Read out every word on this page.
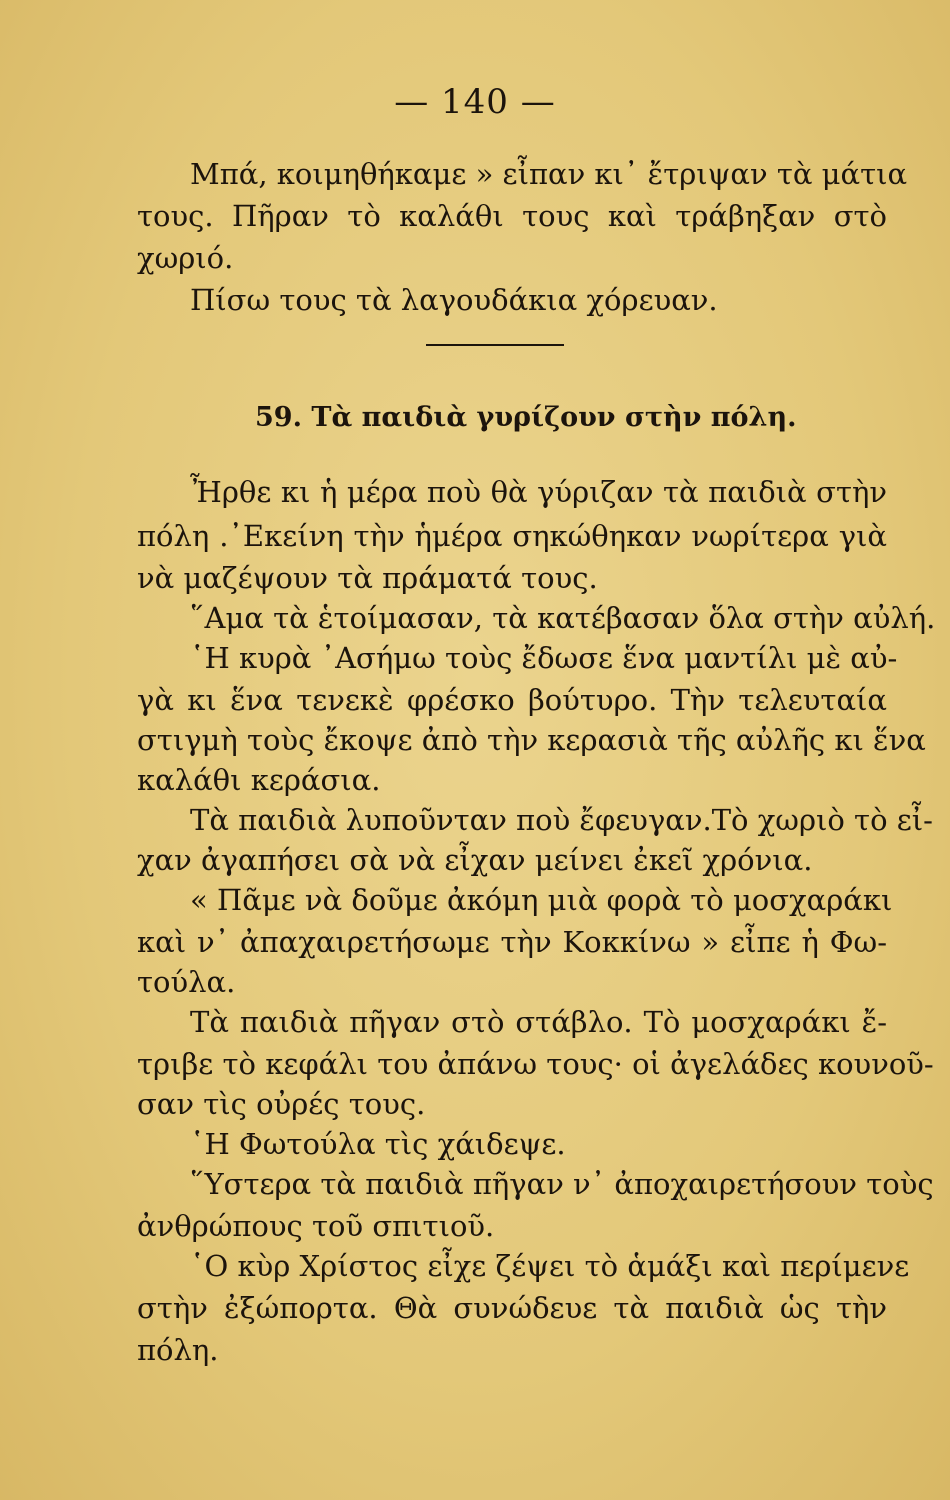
— 140 —
Μπά, κοιμηθήκαμε » εἶπαν κι᾽ ἔτριψαν τὰ μάτια
τους. Πῆραν τὸ καλάθι τους καὶ τράβηξαν στὸ
χωριό.
Πίσω τους τὰ λαγουδάκια χόρευαν.
59. Τὰ παιδιὰ γυρίζουν στὴν πόλη.
Ἦρθε κι ἡ μέρα ποὺ θὰ γύριζαν τὰ παιδιὰ στὴν
πόλη .᾽Εκείνη τὴν ἡμέρα σηκώθηκαν νωρίτερα γιὰ
νὰ μαζέψουν τὰ πράματά τους.
῞Αμα τὰ ἑτοίμασαν, τὰ κατέβασαν ὅλα στὴν αὐλή.
῾Η κυρὰ ᾽Ασήμω τοὺς ἔδωσε ἕνα μαντίλι μὲ αὐ-
γὰ κι ἕνα τενεκὲ φρέσκο βούτυρο. Τὴν τελευταία
στιγμὴ τοὺς ἔκοψε ἀπὸ τὴν κερασιὰ τῆς αὐλῆς κι ἕνα
καλάθι κεράσια.
Τὰ παιδιὰ λυποῦνταν ποὺ ἔφευγαν.Τὸ χωριὸ τὸ εἶ-
χαν ἀγαπήσει σὰ νὰ εἶχαν μείνει ἐκεῖ χρόνια.
« Πᾶμε νὰ δοῦμε ἀκόμη μιὰ φορὰ τὸ μοσχαράκι
καὶ ν᾽ ἀπαχαιρετήσωμε τὴν Κοκκίνω » εἶπε ἡ Φω-
τούλα.
Τὰ παιδιὰ πῆγαν στὸ στάβλο. Τὸ μοσχαράκι ἔ-
τριβε τὸ κεφάλι του ἀπάνω τους· οἱ ἀγελάδες κουνοῦ-
σαν τὶς οὐρές τους.
῾Η Φωτούλα τὶς χάιδεψε.
῞Υστερα τὰ παιδιὰ πῆγαν ν᾽ ἀποχαιρετήσουν τοὺς
ἀνθρώπους τοῦ σπιτιοῦ.
῾Ο κὺρ Χρίστος εἶχε ζέψει τὸ ἁμάξι καὶ περίμενε
στὴν ἐξώπορτα. Θὰ συνώδευε τὰ παιδιὰ ὡς τὴν
πόλη.
